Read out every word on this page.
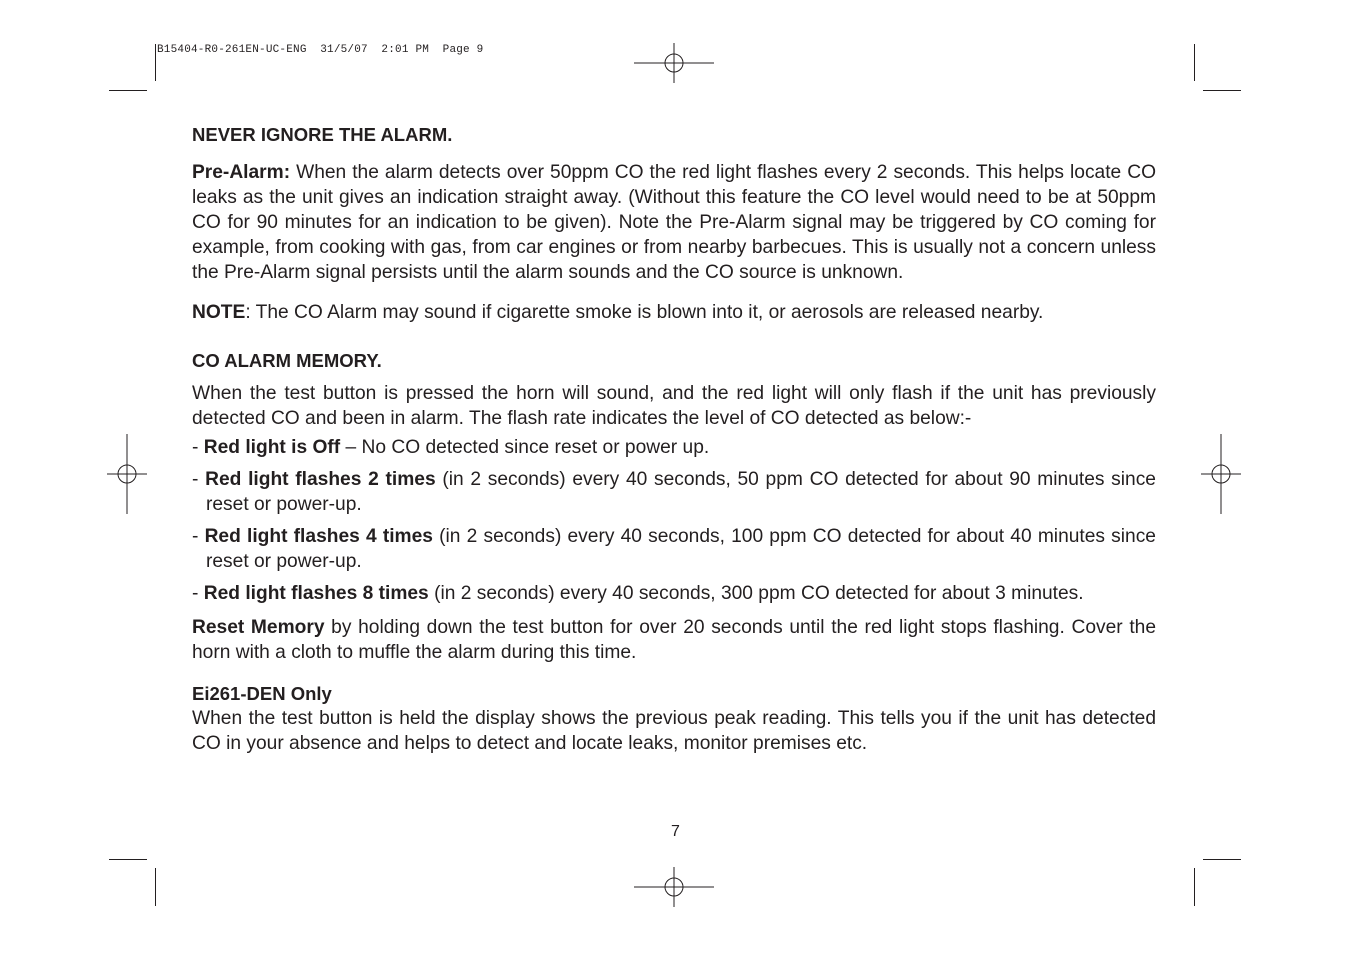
B15404-R0-261EN-UC-ENG  31/5/07  2:01 PM  Page 9

NEVER IGNORE THE ALARM.

Pre-Alarm: When the alarm detects over 50ppm CO the red light flashes every 2 seconds. This helps locate CO leaks as the unit gives an indication straight away. (Without this feature the CO level would need to be at 50ppm CO for 90 minutes for an indication to be given). Note the Pre-Alarm signal may be triggered by CO coming for example, from cooking with gas, from car engines or from nearby barbecues. This is usually not a concern unless the Pre-Alarm signal persists until the alarm sounds and the CO source is unknown.

NOTE: The CO Alarm may sound if cigarette smoke is blown into it, or aerosols are released nearby.

CO ALARM MEMORY.

When the test button is pressed the horn will sound, and the red light will only flash if the unit has previously detected CO and been in alarm. The flash rate indicates the level of CO detected as below:-

- Red light is Off – No CO detected since reset or power up.

- Red light flashes 2 times (in 2 seconds) every 40 seconds, 50 ppm CO detected for about 90 minutes since reset or power-up.

- Red light flashes 4 times (in 2 seconds) every 40 seconds, 100 ppm CO detected for about 40 minutes since reset or power-up.

- Red light flashes 8 times (in 2 seconds) every 40 seconds, 300 ppm CO detected for about 3 minutes.

Reset Memory by holding down the test button for over 20 seconds until the red light stops flashing. Cover the horn with a cloth to muffle the alarm during this time.

Ei261-DEN Only

When the test button is held the display shows the previous peak reading. This tells you if the unit has detected CO in your absence and helps to detect and locate leaks, monitor premises etc.

7
